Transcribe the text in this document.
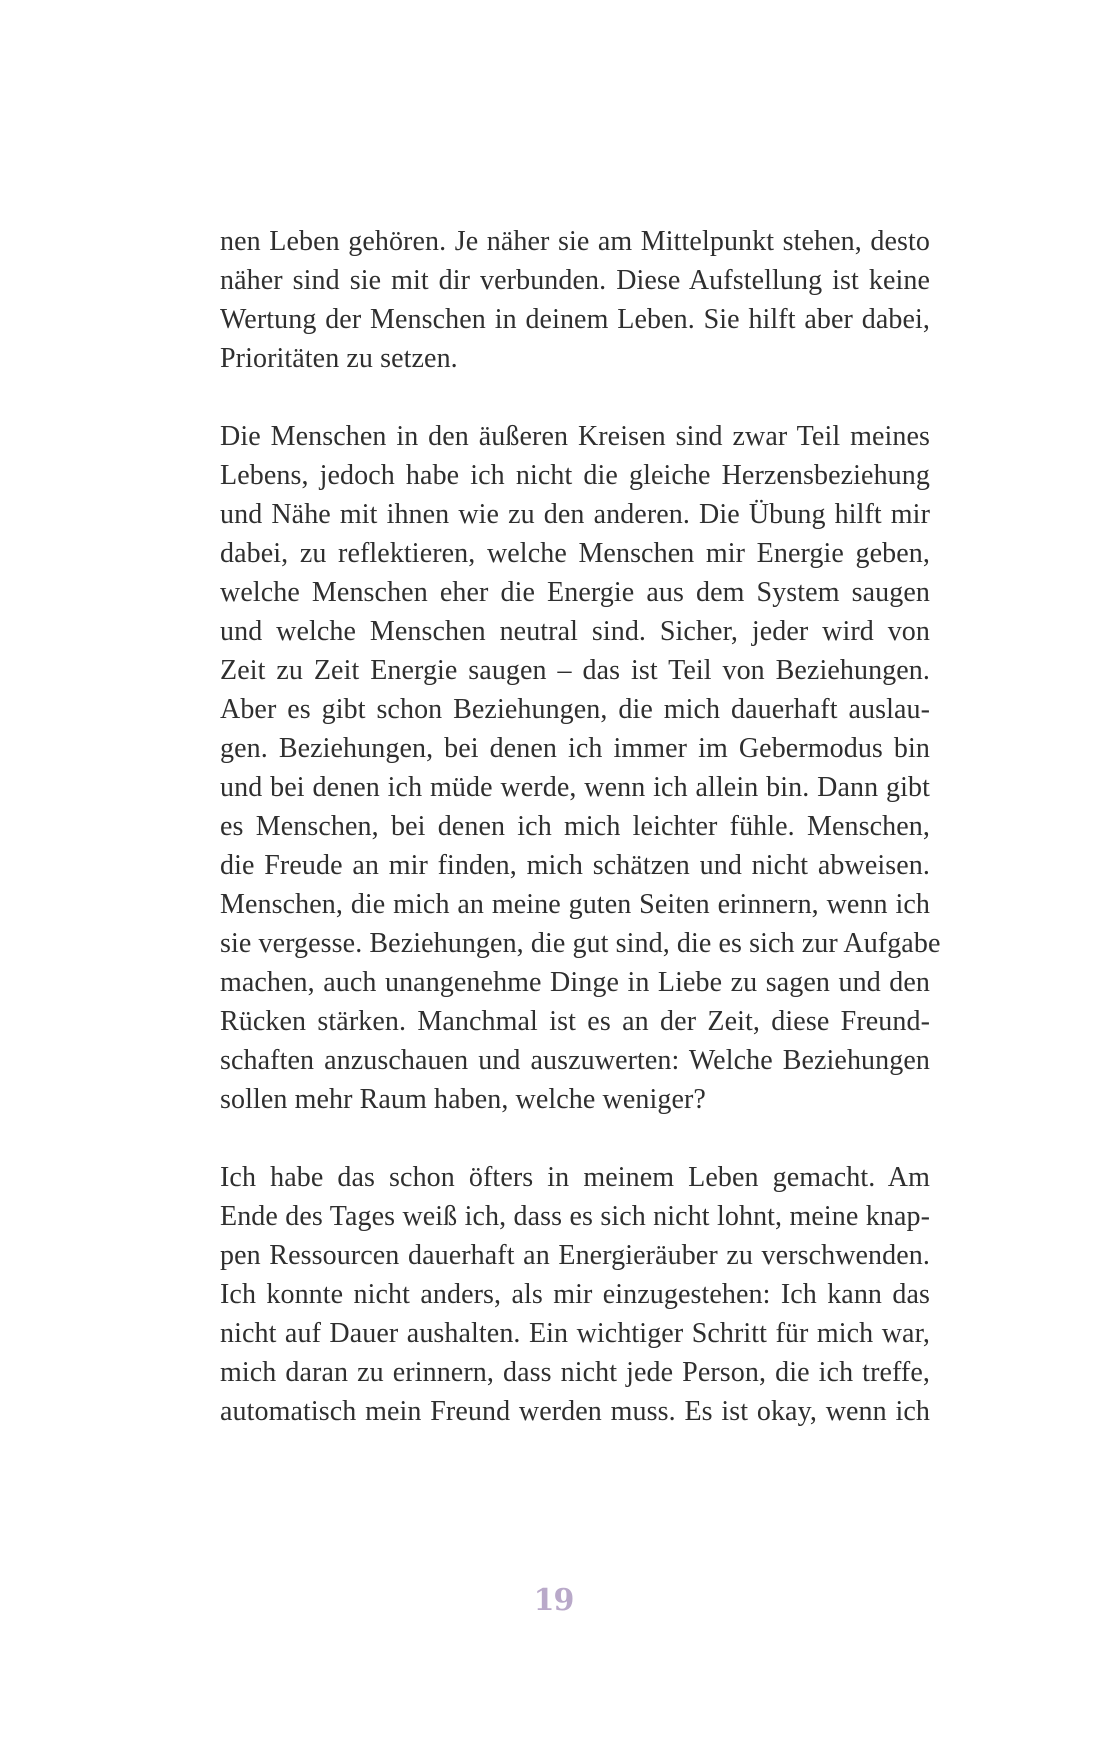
nen Leben gehören. Je näher sie am Mittelpunkt stehen, desto
näher sind sie mit dir verbunden. Diese Aufstellung ist keine
Wertung der Menschen in deinem Leben. Sie hilft aber dabei,
Prioritäten zu setzen.
Die Menschen in den äußeren Kreisen sind zwar Teil meines
Lebens, jedoch habe ich nicht die gleiche Herzensbeziehung
und Nähe mit ihnen wie zu den anderen. Die Übung hilft mir
dabei, zu reflektieren, welche Menschen mir Energie geben,
welche Menschen eher die Energie aus dem System saugen
und welche Menschen neutral sind. Sicher, jeder wird von
Zeit zu Zeit Energie saugen – das ist Teil von Beziehungen.
Aber es gibt schon Beziehungen, die mich dauerhaft auslau-
gen. Beziehungen, bei denen ich immer im Gebermodus bin
und bei denen ich müde werde, wenn ich allein bin. Dann gibt
es Menschen, bei denen ich mich leichter fühle. Menschen,
die Freude an mir finden, mich schätzen und nicht abweisen.
Menschen, die mich an meine guten Seiten erinnern, wenn ich
sie vergesse. Beziehungen, die gut sind, die es sich zur Aufgabe
machen, auch unangenehme Dinge in Liebe zu sagen und den
Rücken stärken. Manchmal ist es an der Zeit, diese Freund-
schaften anzuschauen und auszuwerten: Welche Beziehungen
sollen mehr Raum haben, welche weniger?
Ich habe das schon öfters in meinem Leben gemacht. Am
Ende des Tages weiß ich, dass es sich nicht lohnt, meine knap-
pen Ressourcen dauerhaft an Energieräuber zu verschwenden.
Ich konnte nicht anders, als mir einzugestehen: Ich kann das
nicht auf Dauer aushalten. Ein wichtiger Schritt für mich war,
mich daran zu erinnern, dass nicht jede Person, die ich treffe,
automatisch mein Freund werden muss. Es ist okay, wenn ich
19
